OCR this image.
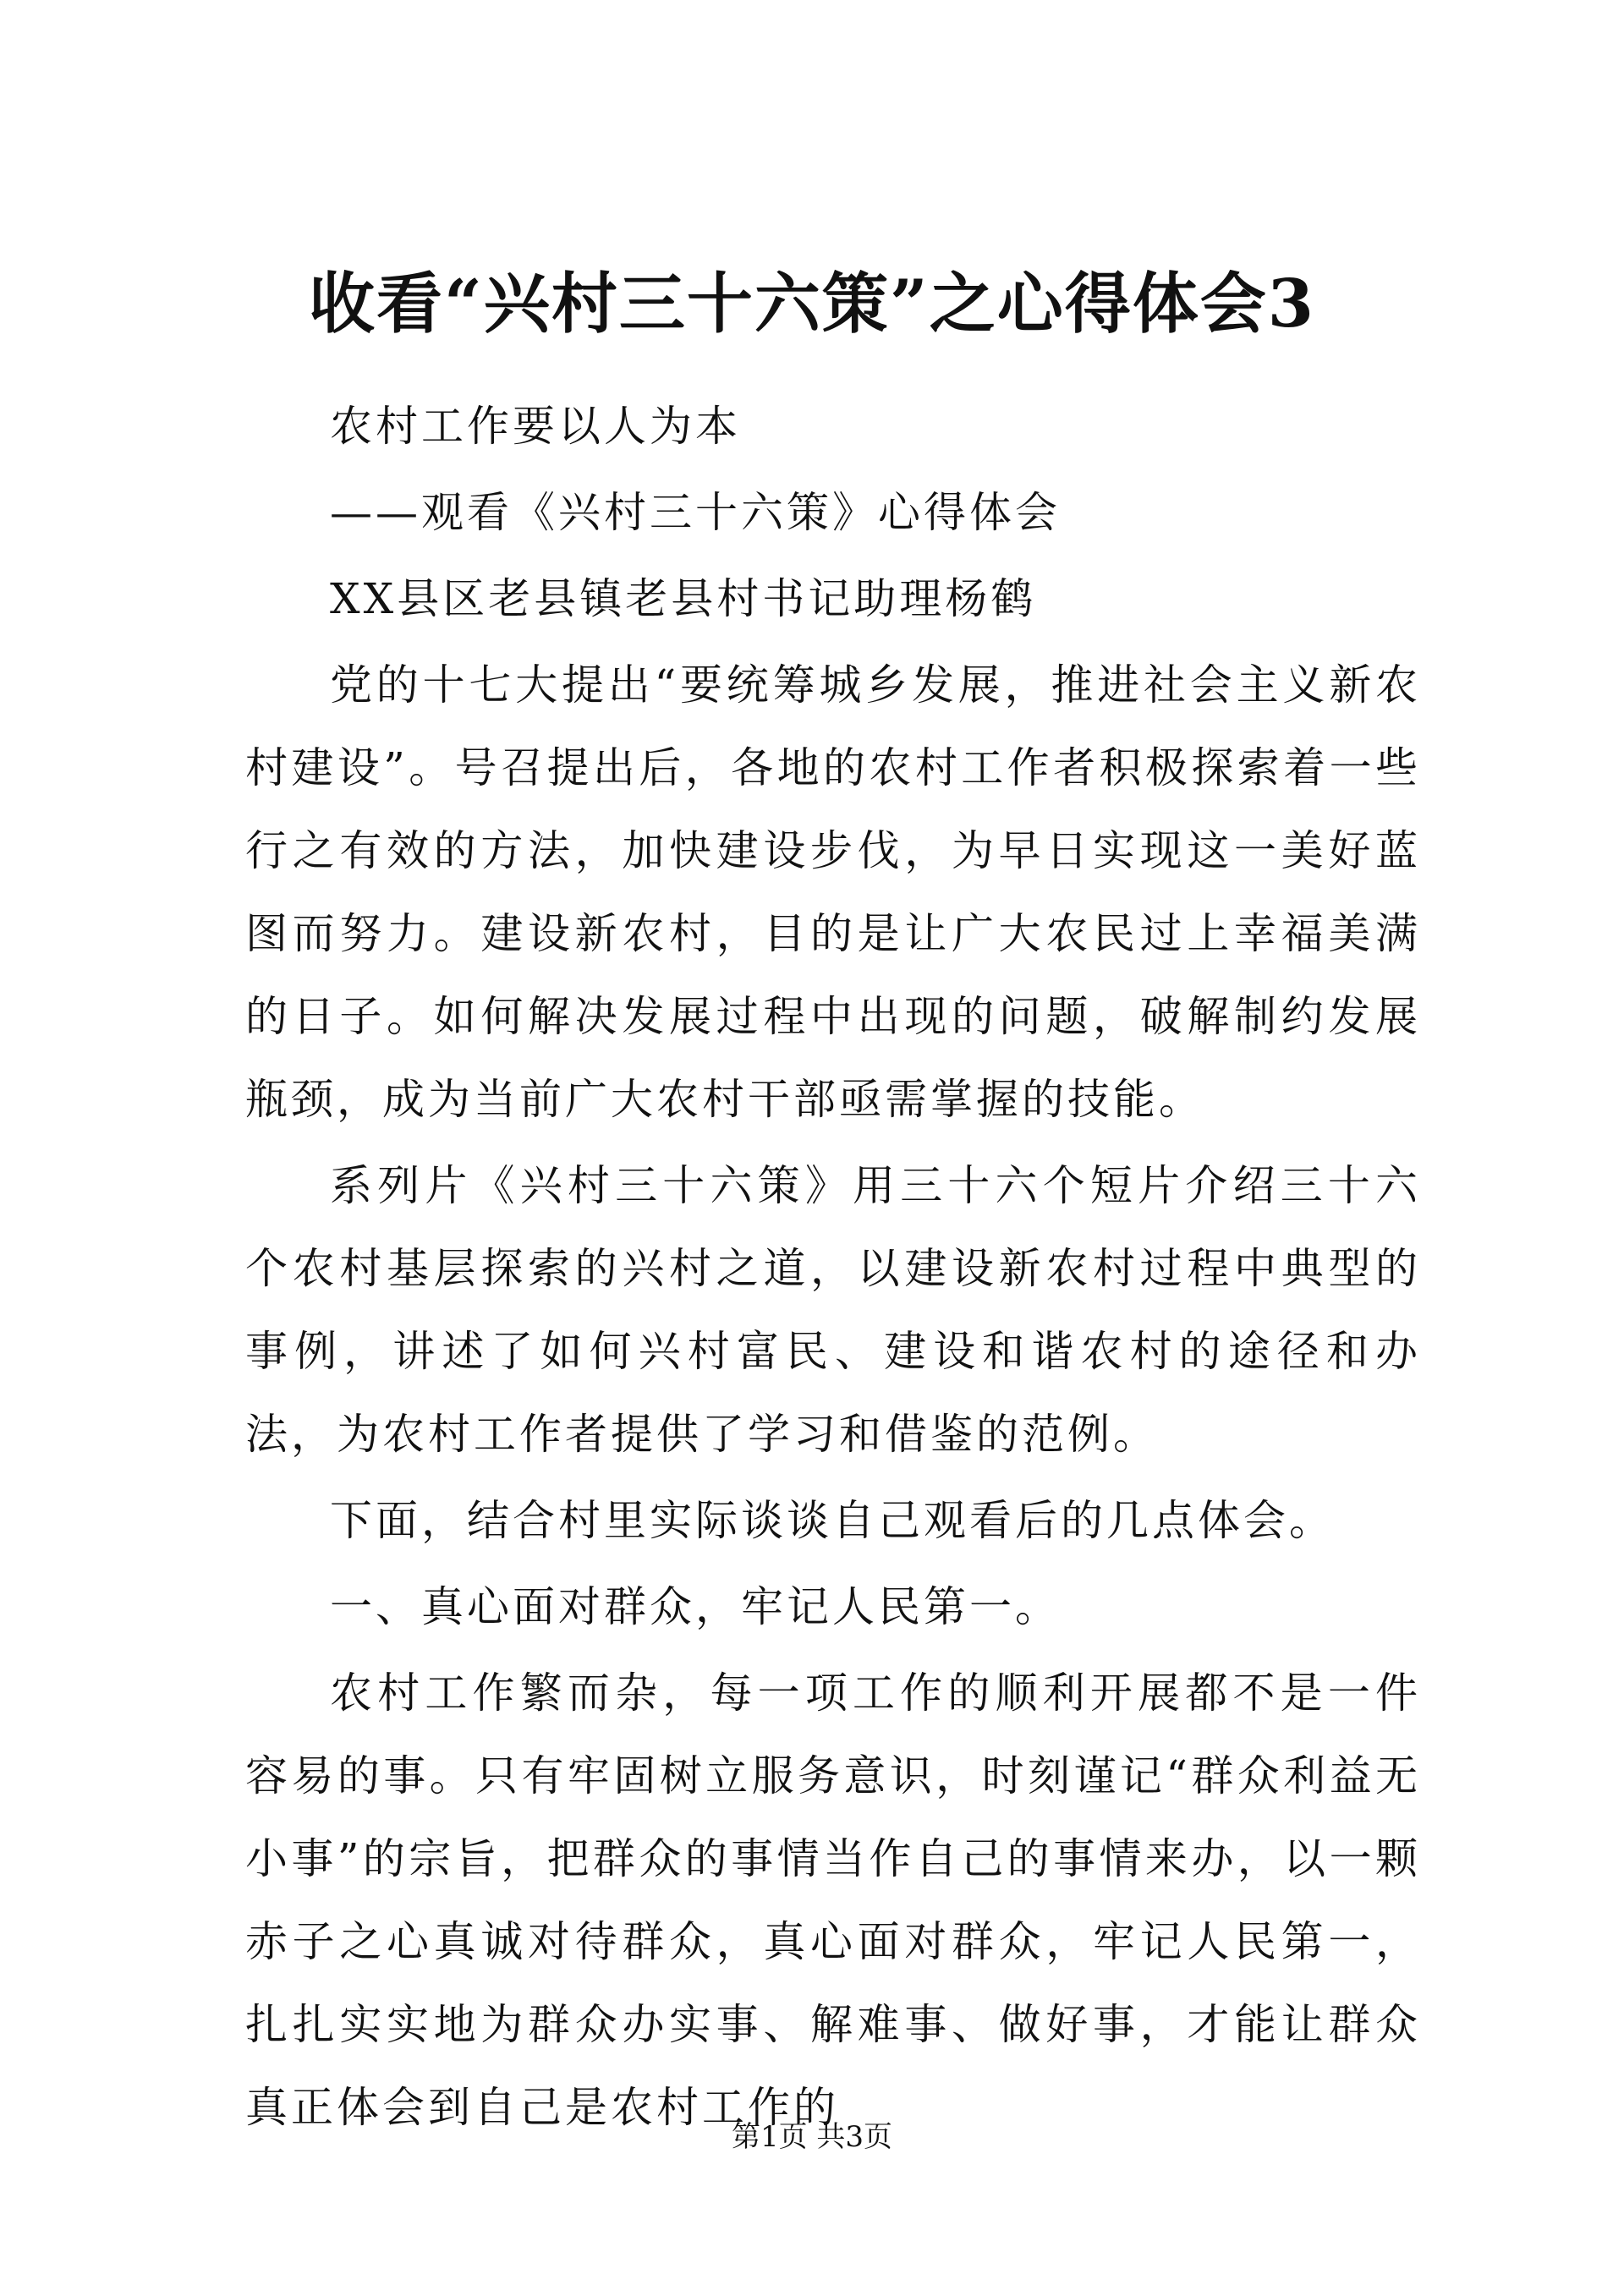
收看“兴村三十六策”之心得体会3

农村工作要以人为本

——观看《兴村三十六策》心得体会

XX县区老县镇老县村书记助理杨鹤

党的十七大提出“要统筹城乡发展，推进社会主义新农村建设”。号召提出后，各地的农村工作者积极探索着一些行之有效的方法，加快建设步伐，为早日实现这一美好蓝图而努力。建设新农村，目的是让广大农民过上幸福美满的日子。如何解决发展过程中出现的问题，破解制约发展瓶颈，成为当前广大农村干部亟需掌握的技能。

系列片《兴村三十六策》用三十六个短片介绍三十六个农村基层探索的兴村之道，以建设新农村过程中典型的事例，讲述了如何兴村富民、建设和谐农村的途径和办法，为农村工作者提供了学习和借鉴的范例。

下面，结合村里实际谈谈自己观看后的几点体会。

一、真心面对群众，牢记人民第一。

农村工作繁而杂，每一项工作的顺利开展都不是一件容易的事。只有牢固树立服务意识，时刻谨记“群众利益无小事”的宗旨，把群众的事情当作自己的事情来办，以一颗赤子之心真诚对待群众，真心面对群众，牢记人民第一，扎扎实实地为群众办实事、解难事、做好事，才能让群众真正体会到自己是农村工作的

第1页 共3页
